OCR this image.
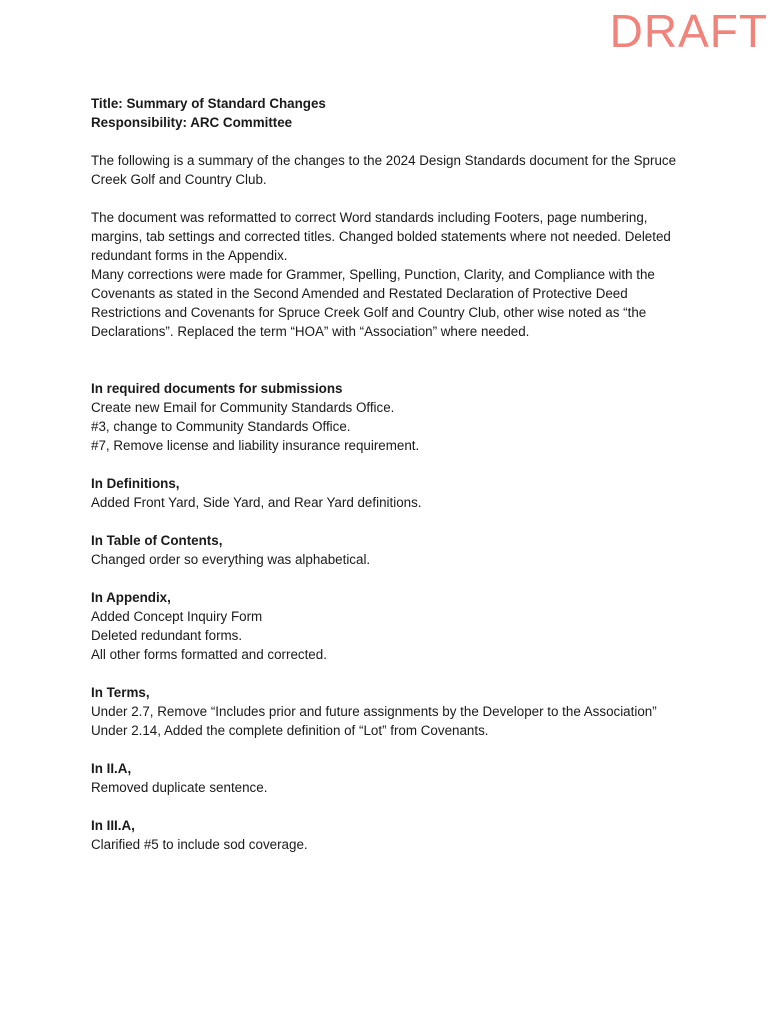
DRAFT

Title: Summary of Standard Changes

Responsibility: ARC Committee

The following is a summary of the changes to the 2024 Design Standards document for the Spruce Creek Golf and Country Club.

The document was reformatted to correct Word standards including Footers, page numbering, margins, tab settings and corrected titles. Changed bolded statements where not needed. Deleted redundant forms in the Appendix.

Many corrections were made for Grammer, Spelling, Punction, Clarity, and Compliance with the Covenants as stated in the Second Amended and Restated Declaration of Protective Deed Restrictions and Covenants for Spruce Creek Golf and Country Club, other wise noted as “the Declarations”. Replaced the term “HOA” with “Association” where needed.

In required documents for submissions

Create new Email for Community Standards Office.

#3, change to Community Standards Office.

#7, Remove license and liability insurance requirement.

In Definitions,

Added Front Yard, Side Yard, and Rear Yard definitions.

In Table of Contents,

Changed order so everything was alphabetical.

In Appendix,

Added Concept Inquiry Form

Deleted redundant forms.

All other forms formatted and corrected.

In Terms,

Under 2.7, Remove “Includes prior and future assignments by the Developer to the Association”

Under 2.14, Added the complete definition of “Lot” from Covenants.

In II.A,

Removed duplicate sentence.

In III.A,

Clarified #5 to include sod coverage.
